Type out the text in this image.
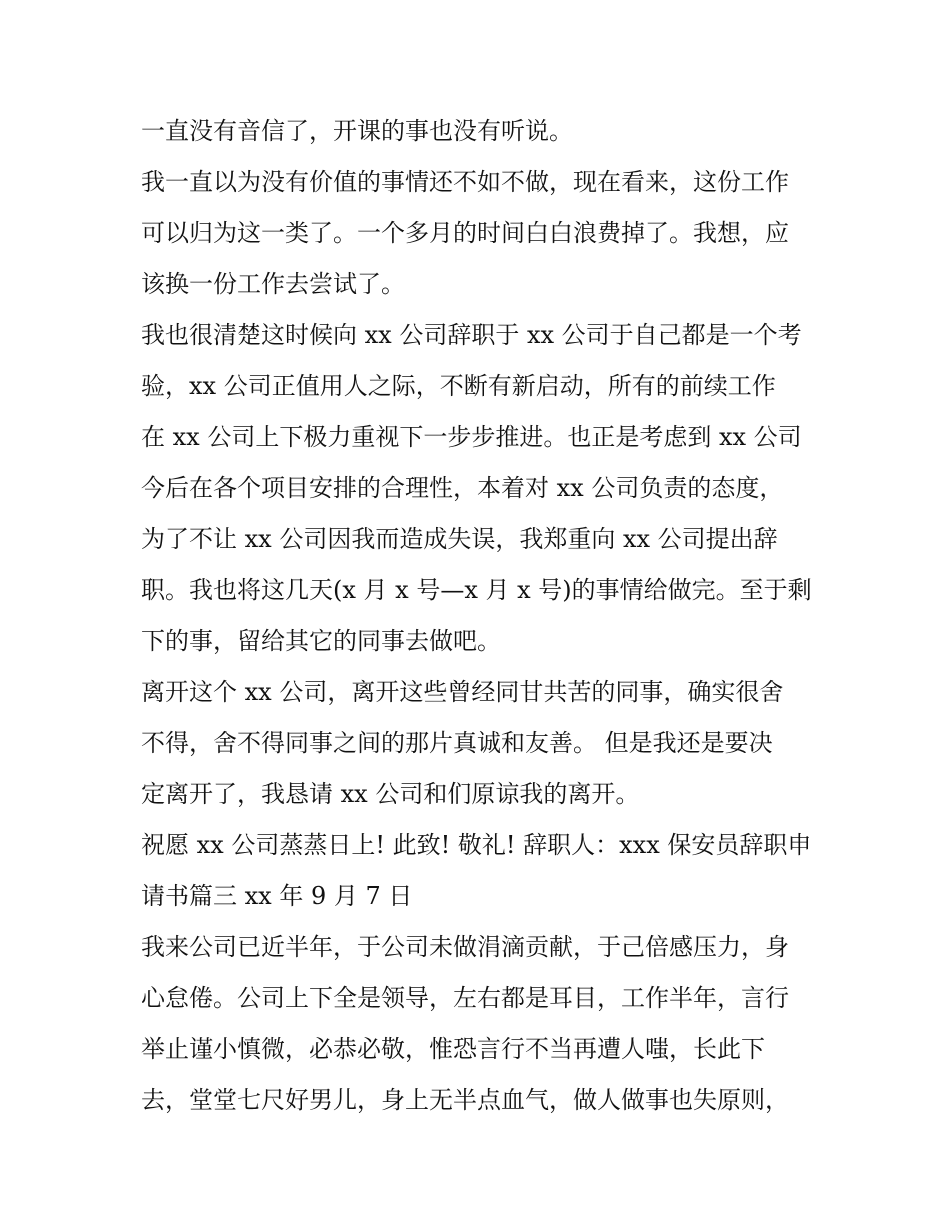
一直没有音信了，开课的事也没有听说。
我一直以为没有价值的事情还不如不做，现在看来，这份工作
可以归为这一类了。一个多月的时间白白浪费掉了。我想，应
该换一份工作去尝试了。
我也很清楚这时候向 xx 公司辞职于 xx 公司于自己都是一个考
验，xx 公司正值用人之际，不断有新启动，所有的前续工作
在 xx 公司上下极力重视下一步步推进。也正是考虑到 xx 公司
今后在各个项目安排的合理性，本着对 xx 公司负责的态度，
为了不让 xx 公司因我而造成失误，我郑重向 xx 公司提出辞
职。我也将这几天(x 月 x 号—x 月 x 号)的事情给做完。至于剩
下的事，留给其它的同事去做吧。
离开这个 xx 公司，离开这些曾经同甘共苦的同事，确实很舍
不得，舍不得同事之间的那片真诚和友善。 但是我还是要决
定离开了，我恳请 xx 公司和们原谅我的离开。
祝愿 xx 公司蒸蒸日上! 此致! 敬礼! 辞职人：xxx 保安员辞职申
请书篇三 xx 年 9 月 7 日
我来公司已近半年，于公司未做涓滴贡献，于己倍感压力，身
心怠倦。公司上下全是领导，左右都是耳目，工作半年，言行
举止谨小慎微，必恭必敬，惟恐言行不当再遭人嗤，长此下
去，堂堂七尺好男儿，身上无半点血气，做人做事也失原则，
